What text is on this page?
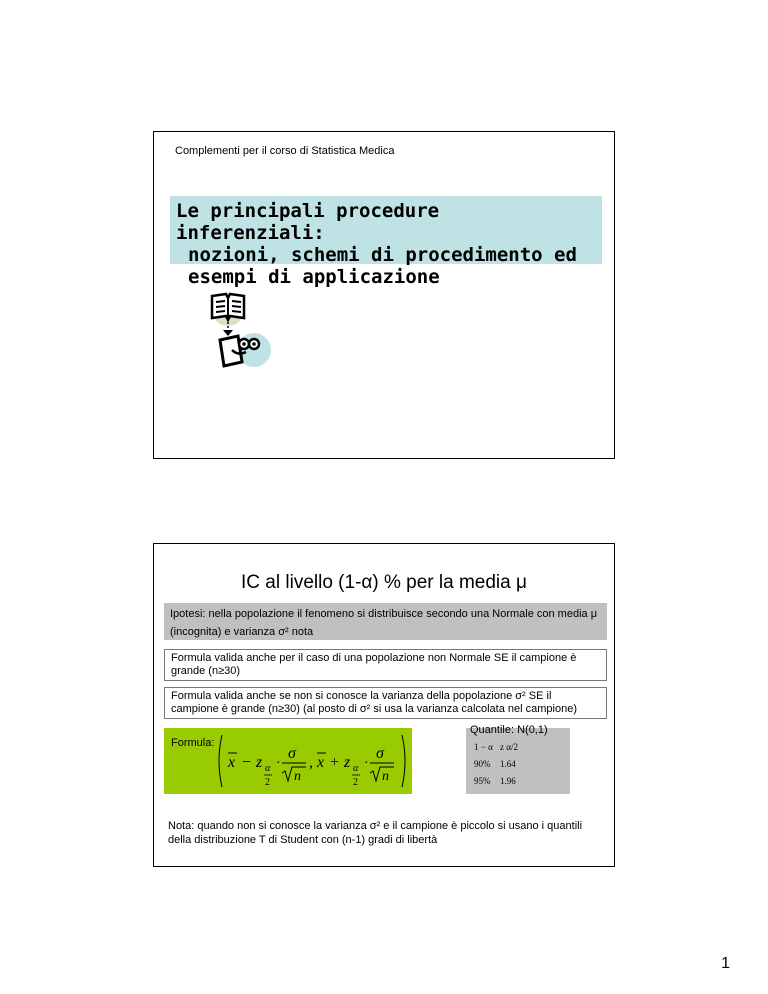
Complementi per il corso di Statistica Medica
Le principali procedure inferenziali:
nozioni, schemi di procedimento ed
esempi di applicazione
IC al livello (1-α) % per la media μ
Ipotesi: nella popolazione il fenomeno si distribuisce secondo una Normale con media μ (incognita) e varianza σ² nota
Formula valida anche per il caso di una popolazione non Normale SE il campione è grande (n≥30)
Formula valida anche se non si conosce la varianza della popolazione σ² SE il campione è grande (n≥30) (al posto di σ² si usa la varianza calcolata nel campione)
Formula:
x − z α
2
·
σ
n
, x + z α
2
·
σ
n
Quantile: N(0,1)
1 − α z α/2
90%	1.64
95%	1.96
Nota: quando non si conosce la varianza σ² e il campione è piccolo si usano i quantili della distribuzione T di Student con (n-1) gradi di libertà
1
